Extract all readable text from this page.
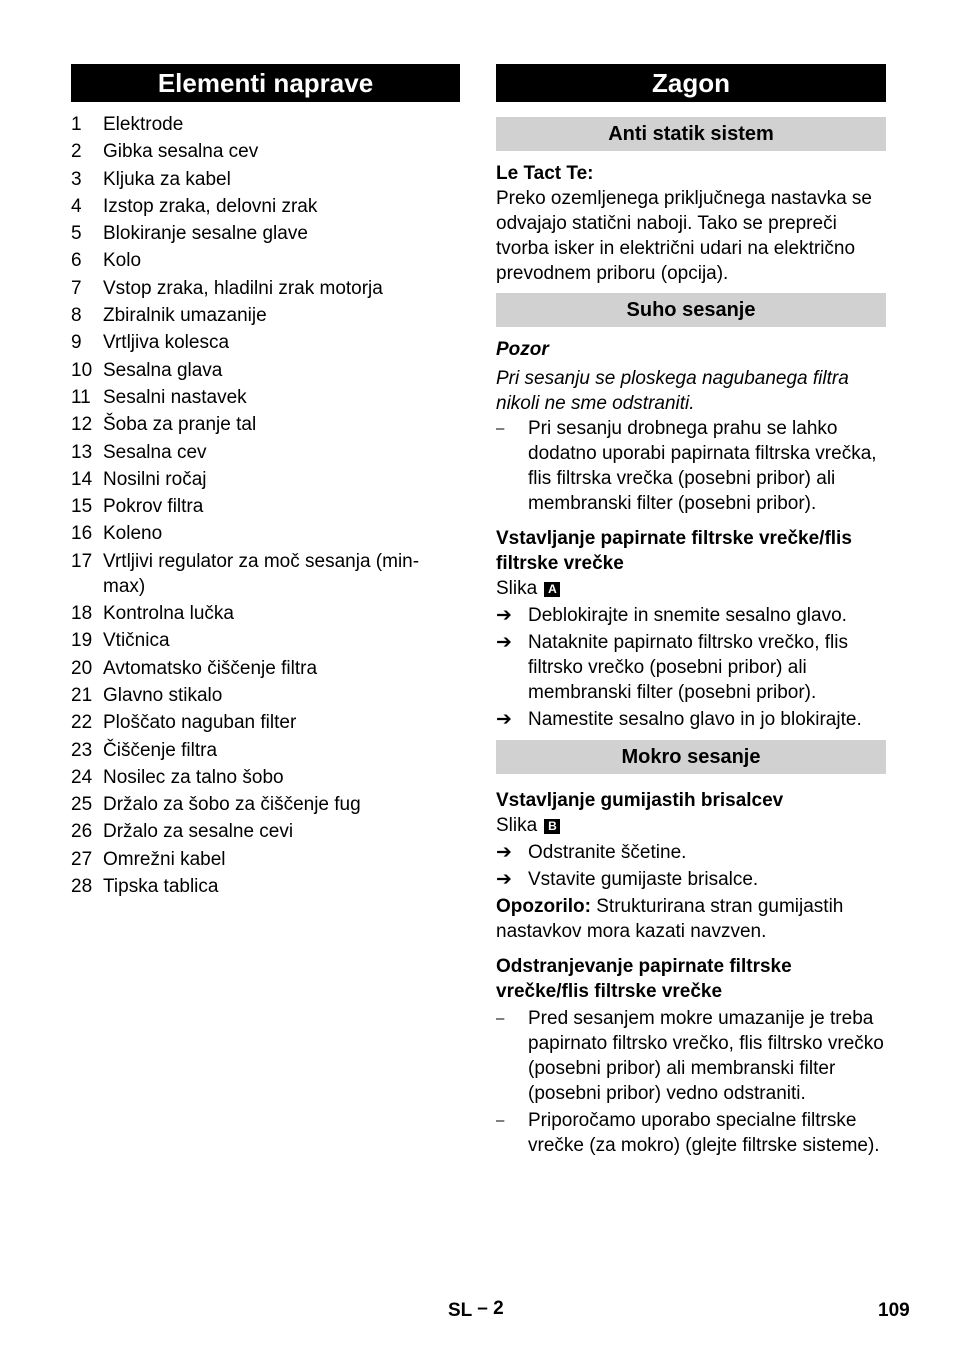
Elementi naprave
1	Elektrode
2	Gibka sesalna cev
3	Kljuka za kabel
4	Izstop zraka, delovni zrak
5	Blokiranje sesalne glave
6	Kolo
7	Vstop zraka, hladilni zrak motorja
8	Zbiralnik umazanije
9	Vrtljiva kolesca
10 Sesalna glava
11 Sesalni nastavek
12 Šoba za pranje tal
13 Sesalna cev
14 Nosilni ročaj
15 Pokrov filtra
16 Koleno
17 Vrtljivi regulator za moč sesanja (min-max)
18 Kontrolna lučka
19 Vtičnica
20 Avtomatsko čiščenje filtra
21 Glavno stikalo
22 Ploščato naguban filter
23 Čiščenje filtra
24 Nosilec za talno šobo
25 Držalo za šobo za čiščenje fug
26 Držalo za sesalne cevi
27 Omrežni kabel
28 Tipska tablica
Zagon
Anti statik sistem

Le Tact Te:

Preko ozemljenega priključnega nastavka se odvajajo statični naboji. Tako se prepreči tvorba isker in električni udari na električno prevodnem priboru (opcija).

Suho sesanje

Pozor

Pri sesanju se ploskega nagubanega filtra nikoli ne sme odstraniti.

–	Pri sesanju drobnega prahu se lahko dodatno uporabi papirnata filtrska vrečka, flis filtrska vrečka (posebni pribor) ali membranski filter (posebni pribor).

Vstavljanje papirnate filtrske vrečke/flis filtrske vrečke

Slika A

➔ Deblokirajte in snemite sesalno glavo.
➔ Nataknite papirnato filtrsko vrečko, flis filtrsko vrečko (posebni pribor) ali membranski filter (posebni pribor).
➔ Namestite sesalno glavo in jo blokirajte.
Mokro sesanje

Vstavljanje gumijastih brisalcev

Slika B

➔ Odstranite ščetine.
➔ Vstavite gumijaste brisalce.

Opozorilo: Strukturirana stran gumijastih nastavkov mora kazati navzven.

Odstranjevanje papirnate filtrske vrečke/flis filtrske vrečke

–	Pred sesanjem mokre umazanije je treba papirnato filtrsko vrečko, flis filtrsko vrečko (posebni pribor) ali membranski filter (posebni pribor) vedno odstraniti.
–	Priporočamo uporabo specialne filtrske vrečke (za mokro) (glejte filtrske sisteme).
SL – 2	109
